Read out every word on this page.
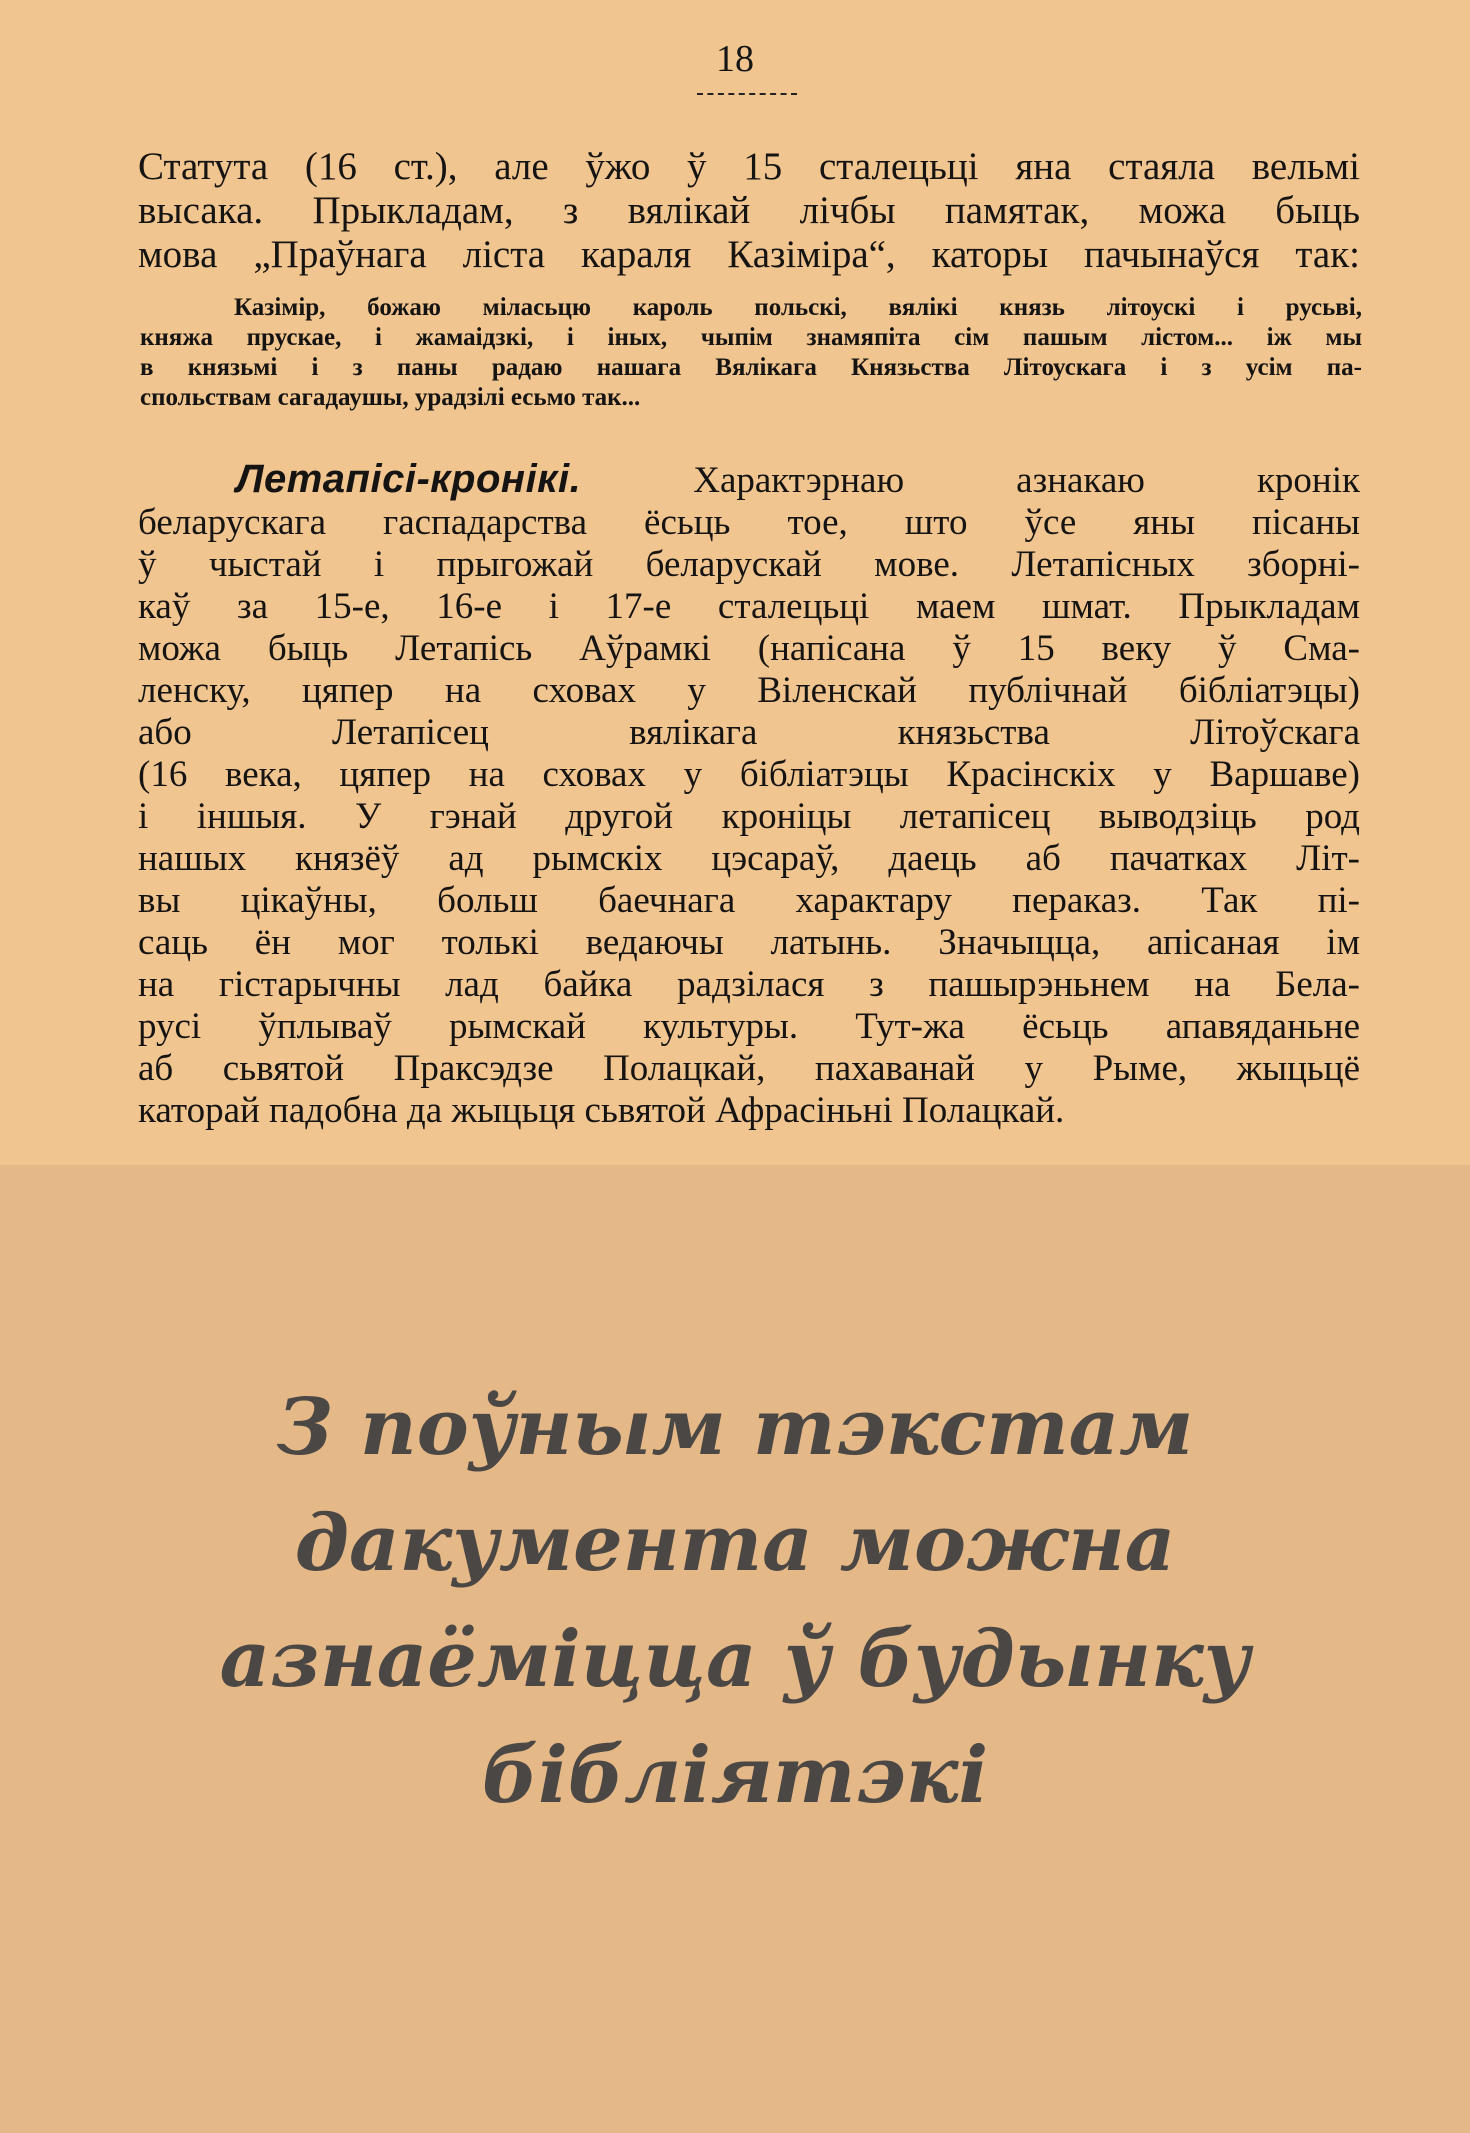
18
Статута (16 ст.), але ўжо ў 15 сталецьці яна стаяла вельмі
высака. Прыкладам, з вялікай лічбы памятак, можа быць
мова „Праўнага ліста караля Казіміра“, каторы пачынаўся так:
Казімір, божаю міласьцю кароль польскі, вялікі князь літоускі і русьві,
княжа прускае, і жамаідзкі, і іных, чыпім знамяпіта сім пашым лістом... іж мы
в князьмі і з паны радаю нашага Вялікага Князьства Літоускага і з усім па-
спольствам сагадаушы, урадзілі есьмо так...
Летапісі-кронікі.	Характэрнаю азнакаю кронік
беларускага гаспадарства ёсьць тое, што ўсе яны пісаны
ў чыстай і прыгожай беларускай мове. Летапісных зборні-
каў за 15-е, 16-е і 17-е сталецьці маем шмат. Прыкладам
можа быць Летапісь Аўрамкі (напісана ў 15 веку ў Сма-
ленску, цяпер на сховах у Віленскай публічнай бібліатэцы)
або Летапісец вялікага князьства Літоўскага
(16 века, цяпер на сховах у бібліатэцы Красінскіх у Варшаве)
і іншыя. У гэнай другой кроніцы летапісец выводзіць род
нашых князёў ад рымскіх цэсараў, даець аб пачатках Літ-
вы цікаўны, больш баечнага характару пераказ. Так пі-
саць ён мог толькі ведаючы латынь. Значыцца, апісаная ім
на гістарычны лад байка радзілася з пашырэньнем на Бела-
русі ўплываў рымскай культуры. Тут-жа ёсьць апавяданьне
аб сьвятой Праксэдзе Полацкай, пахаванай у Рыме, жыцьцё
каторай падобна да жыцьця сьвятой Афрасіньні Полацкай.
З поўным тэкстам
дакумента можна
азнаёміцца ў будынку
бібліятэкі
